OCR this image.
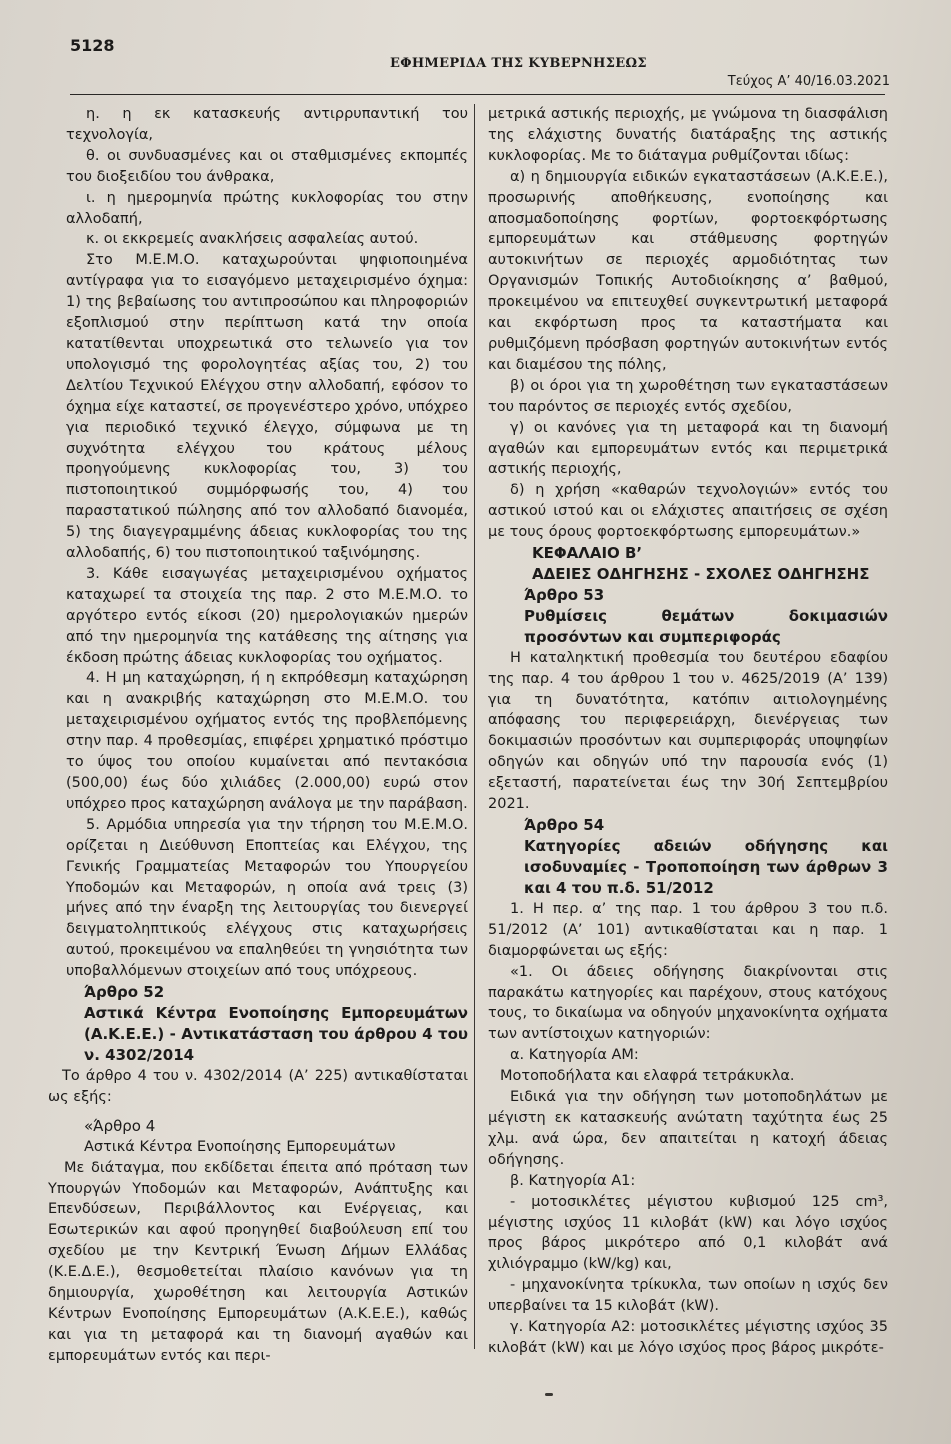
5128
ΕΦΗΜΕΡΙΔΑ ΤΗΣ ΚΥΒΕΡΝΗΣΕΩΣ
Τεύχος Α’ 40/16.03.2021

η. η εκ κατασκευής αντιρρυπαντική του τεχνολογία,

θ. οι συνδυασμένες και οι σταθμισμένες εκπομπές του διοξειδίου του άνθρακα,

ι. η ημερομηνία πρώτης κυκλοφορίας του στην αλλοδαπή,

κ. οι εκκρεμείς ανακλήσεις ασφαλείας αυτού.

Στο Μ.Ε.Μ.Ο. καταχωρούνται ψηφιοποιημένα αντίγραφα για το εισαγόμενο μεταχειρισμένο όχημα: 1) της βεβαίωσης του αντιπροσώπου και πληροφοριών εξοπλισμού στην περίπτωση κατά την οποία κατατίθενται υποχρεωτικά στο τελωνείο για τον υπολογισμό της φορολογητέας αξίας του, 2) του Δελτίου Τεχνικού Ελέγχου στην αλλοδαπή, εφόσον το όχημα είχε καταστεί, σε προγενέστερο χρόνο, υπόχρεο για περιοδικό τεχνικό έλεγχο, σύμφωνα με τη συχνότητα ελέγχου του κράτους μέλους προηγούμενης κυκλοφορίας του, 3) του πιστοποιητικού συμμόρφωσής του, 4) του παραστατικού πώλησης από τον αλλοδαπό διανομέα, 5) της διαγεγραμμένης άδειας κυκλοφορίας του της αλλοδαπής, 6) του πιστοποιητικού ταξινόμησης.

3. Κάθε εισαγωγέας μεταχειρισμένου οχήματος καταχωρεί τα στοιχεία της παρ. 2 στο Μ.Ε.Μ.Ο. το αργότερο εντός είκοσι (20) ημερολογιακών ημερών από την ημερομηνία της κατάθεσης της αίτησης για έκδοση πρώτης άδειας κυκλοφορίας του οχήματος.

4. Η μη καταχώρηση, ή η εκπρόθεσμη καταχώρηση και η ανακριβής καταχώρηση στο Μ.Ε.Μ.Ο. του μεταχειρισμένου οχήματος εντός της προβλεπόμενης στην παρ. 4 προθεσμίας, επιφέρει χρηματικό πρόστιμο το ύψος του οποίου κυμαίνεται από πεντακόσια (500,00) έως δύο χιλιάδες (2.000,00) ευρώ στον υπόχρεο προς καταχώρηση ανάλογα με την παράβαση.

5. Αρμόδια υπηρεσία για την τήρηση του Μ.Ε.Μ.Ο. ορίζεται η Διεύθυνση Εποπτείας και Ελέγχου, της Γενικής Γραμματείας Μεταφορών του Υπουργείου Υποδομών και Μεταφορών, η οποία ανά τρεις (3) μήνες από την έναρξη της λειτουργίας του διενεργεί δειγματοληπτικούς ελέγχους στις καταχωρήσεις αυτού, προκειμένου να επαληθεύει τη γνησιότητα των υποβαλλόμενων στοιχείων από τους υπόχρεους.

Άρθρο 52

Αστικά Κέντρα Ενοποίησης Εμπορευμάτων (Α.Κ.Ε.Ε.) - Αντικατάσταση του άρθρου 4 του ν. 4302/2014

Το άρθρο 4 του ν. 4302/2014 (Α’ 225) αντικαθίσταται ως εξής:

«Άρθρο 4

Αστικά Κέντρα Ενοποίησης Εμπορευμάτων

Με διάταγμα, που εκδίδεται έπειτα από πρόταση των Υπουργών Υποδομών και Μεταφορών, Ανάπτυξης και Επενδύσεων, Περιβάλλοντος και Ενέργειας, και Εσωτερικών και αφού προηγηθεί διαβούλευση επί του σχεδίου με την Κεντρική Ένωση Δήμων Ελλάδας (Κ.Ε.Δ.Ε.), θεσμοθετείται πλαίσιο κανόνων για τη δημιουργία, χωροθέτηση και λειτουργία Αστικών Κέντρων Ενοποίησης Εμπορευμάτων (Α.Κ.Ε.Ε.), καθώς και για τη μεταφορά και τη διανομή αγαθών και εμπορευμάτων εντός και περι-

μετρικά αστικής περιοχής, με γνώμονα τη διασφάλιση της ελάχιστης δυνατής διατάραξης της αστικής κυκλοφορίας. Με το διάταγμα ρυθμίζονται ιδίως:

α) η δημιουργία ειδικών εγκαταστάσεων (Α.Κ.Ε.Ε.), προσωρινής αποθήκευσης, ενοποίησης και αποσμαδοποίησης φορτίων, φορτοεκφόρτωσης εμπορευμάτων και στάθμευσης φορτηγών αυτοκινήτων σε περιοχές αρμοδιότητας των Οργανισμών Τοπικής Αυτοδιοίκησης α’ βαθμού, προκειμένου να επιτευχθεί συγκεντρωτική μεταφορά και εκφόρτωση προς τα καταστήματα και ρυθμιζόμενη πρόσβαση φορτηγών αυτοκινήτων εντός και διαμέσου της πόλης,

β) οι όροι για τη χωροθέτηση των εγκαταστάσεων του παρόντος σε περιοχές εντός σχεδίου,

γ) οι κανόνες για τη μεταφορά και τη διανομή αγαθών και εμπορευμάτων εντός και περιμετρικά αστικής περιοχής,

δ) η χρήση «καθαρών τεχνολογιών» εντός του αστικού ιστού και οι ελάχιστες απαιτήσεις σε σχέση με τους όρους φορτοεκφόρτωσης εμπορευμάτων.»

ΚΕΦΑΛΑΙΟ Β’

ΑΔΕΙΕΣ ΟΔΗΓΗΣΗΣ - ΣΧΟΛΕΣ ΟΔΗΓΗΣΗΣ

Άρθρο 53

Ρυθμίσεις θεμάτων δοκιμασιών προσόντων και συμπεριφοράς

Η καταληκτική προθεσμία του δευτέρου εδαφίου της παρ. 4 του άρθρου 1 του ν. 4625/2019 (Α’ 139) για τη δυνατότητα, κατόπιν αιτιολογημένης απόφασης του περιφερειάρχη, διενέργειας των δοκιμασιών προσόντων και συμπεριφοράς υποψηφίων οδηγών και οδηγών υπό την παρουσία ενός (1) εξεταστή, παρατείνεται έως την 30ή Σεπτεμβρίου 2021.

Άρθρο 54

Κατηγορίες αδειών οδήγησης και ισοδυναμίες - Τροποποίηση των άρθρων 3 και 4 του π.δ. 51/2012

1. Η περ. α’ της παρ. 1 του άρθρου 3 του π.δ. 51/2012 (Α’ 101) αντικαθίσταται και η παρ. 1 διαμορφώνεται ως εξής:

«1. Οι άδειες οδήγησης διακρίνονται στις παρακάτω κατηγορίες και παρέχουν, στους κατόχους τους, το δικαίωμα να οδηγούν μηχανοκίνητα οχήματα των αντίστοιχων κατηγοριών:

α. Κατηγορία ΑΜ:

Μοτοποδήλατα και ελαφρά τετράκυκλα.

Ειδικά για την οδήγηση των μοτοποδηλάτων με μέγιστη εκ κατασκευής ανώτατη ταχύτητα έως 25 χλμ. ανά ώρα, δεν απαιτείται η κατοχή άδειας οδήγησης.

β. Κατηγορία Α1:

- μοτοσικλέτες μέγιστου κυβισμού 125 cm³, μέγιστης ισχύος 11 κιλοβάτ (kW) και λόγο ισχύος προς βάρος μικρότερο από 0,1 κιλοβάτ ανά χιλιόγραμμο (kW/kg) και,

- μηχανοκίνητα τρίκυκλα, των οποίων η ισχύς δεν υπερβαίνει τα 15 κιλοβάτ (kW).

γ. Κατηγορία Α2: μοτοσικλέτες μέγιστης ισχύος 35 κιλοβάτ (kW) και με λόγο ισχύος προς βάρος μικρότε-
